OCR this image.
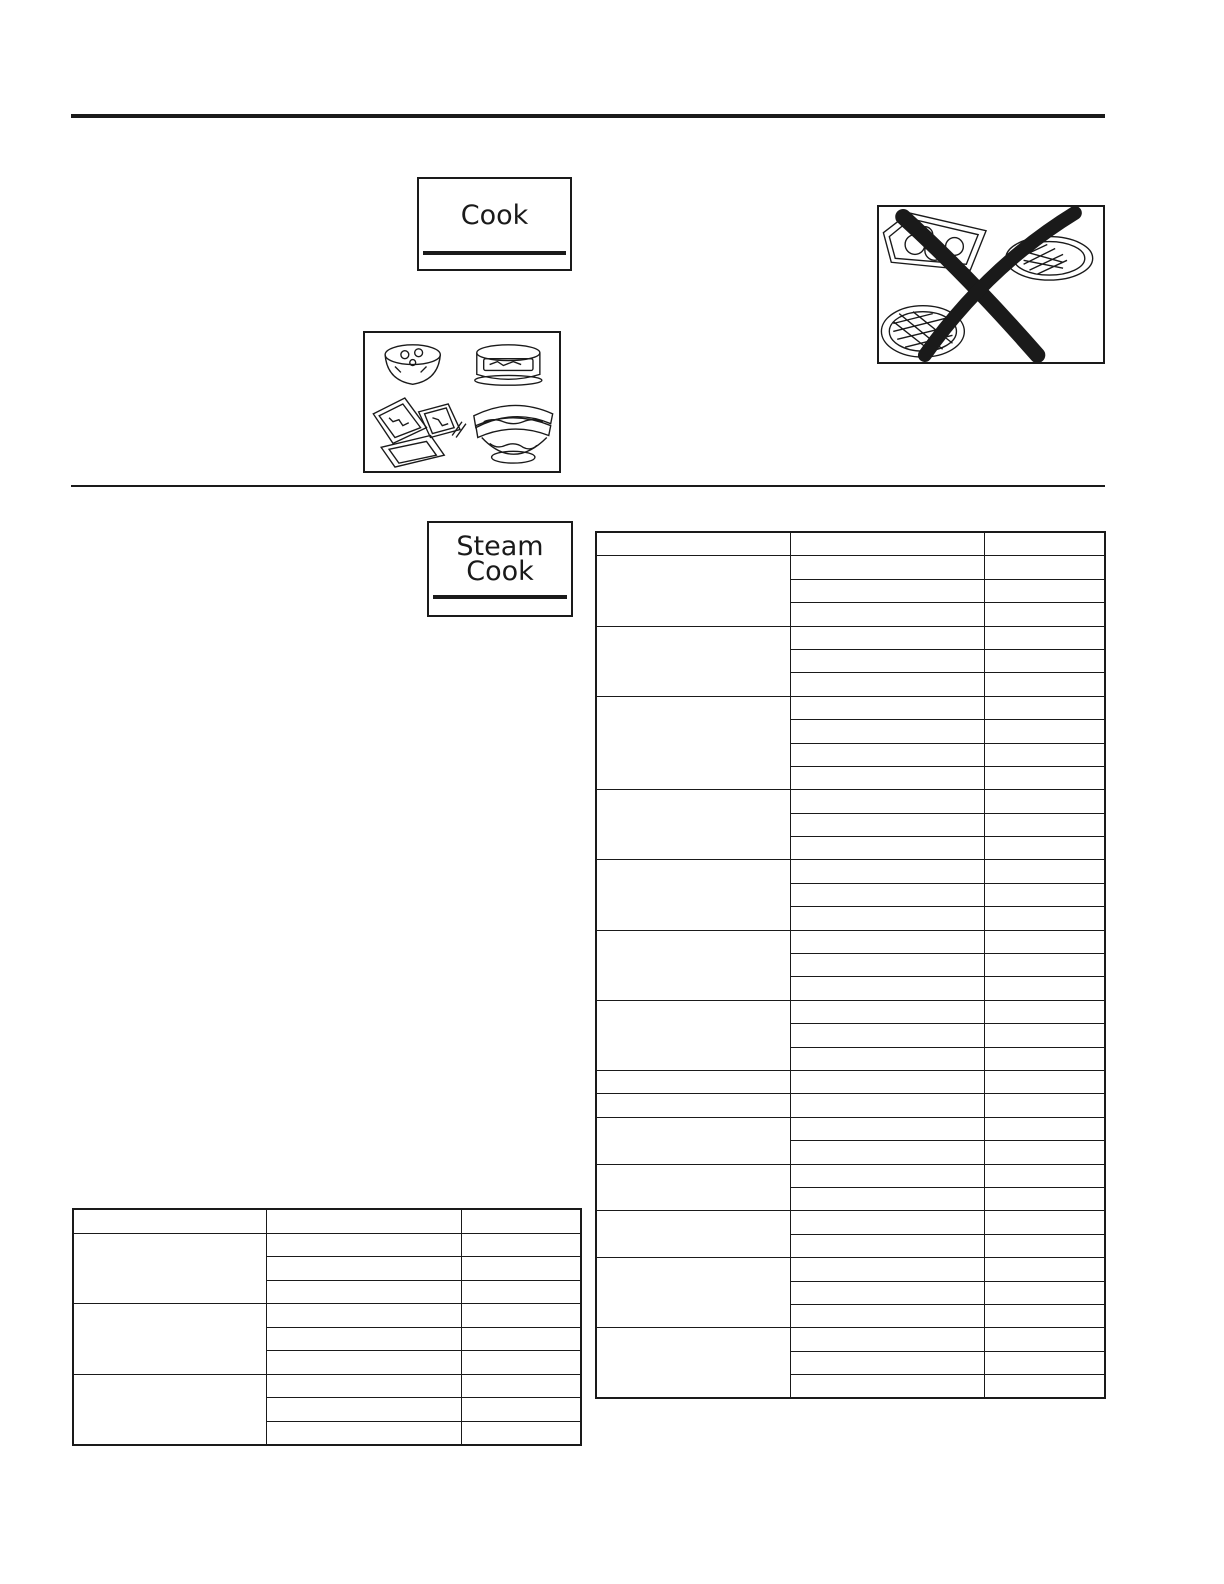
Cook
Steam
Cook
